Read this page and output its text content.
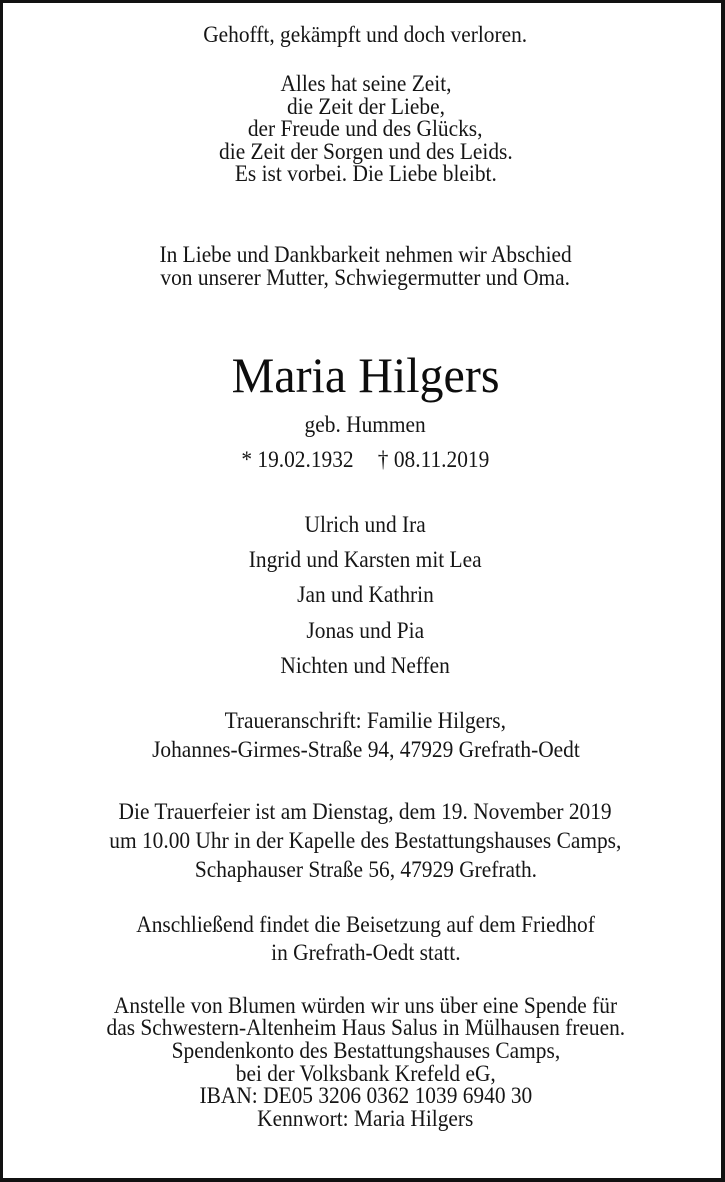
Gehofft, gekämpft und doch verloren.
Alles hat seine Zeit,
die Zeit der Liebe,
der Freude und des Glücks,
die Zeit der Sorgen und des Leids.
Es ist vorbei. Die Liebe bleibt.
In Liebe und Dankbarkeit nehmen wir Abschied
von unserer Mutter, Schwiegermutter und Oma.
Maria Hilgers
geb. Hummen
* 19.02.1932 † 08.11.2019
Ulrich und Ira
Ingrid und Karsten mit Lea
Jan und Kathrin
Jonas und Pia
Nichten und Neffen
Traueranschrift: Familie Hilgers,
Johannes-Girmes-Straße 94, 47929 Grefrath-Oedt
Die Trauerfeier ist am Dienstag, dem 19. November 2019
um 10.00 Uhr in der Kapelle des Bestattungshauses Camps,
Schaphauser Straße 56, 47929 Grefrath.
Anschließend findet die Beisetzung auf dem Friedhof
in Grefrath-Oedt statt.
Anstelle von Blumen würden wir uns über eine Spende für
das Schwestern-Altenheim Haus Salus in Mülhausen freuen.
Spendenkonto des Bestattungshauses Camps,
bei der Volksbank Krefeld eG,
IBAN: DE05 3206 0362 1039 6940 30
Kennwort: Maria Hilgers
